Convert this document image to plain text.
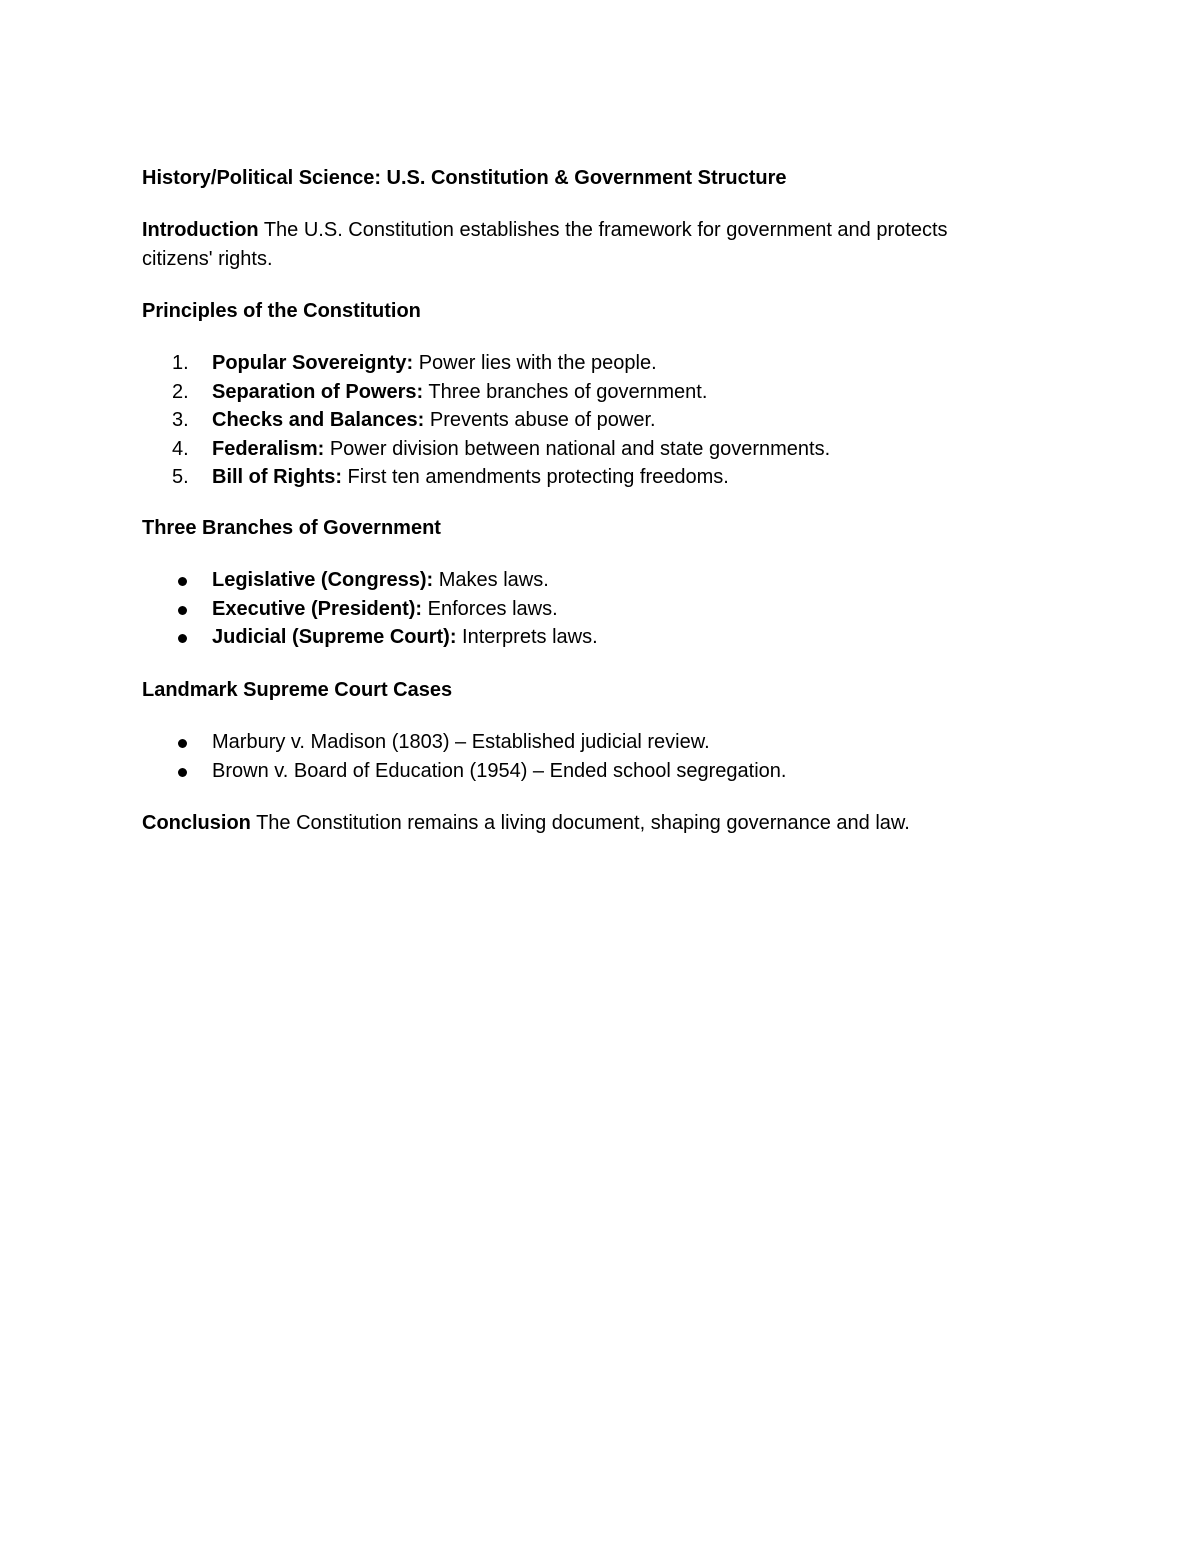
History/Political Science: U.S. Constitution & Government Structure
Introduction The U.S. Constitution establishes the framework for government and protects citizens' rights.
Principles of the Constitution
1. Popular Sovereignty: Power lies with the people.
2. Separation of Powers: Three branches of government.
3. Checks and Balances: Prevents abuse of power.
4. Federalism: Power division between national and state governments.
5. Bill of Rights: First ten amendments protecting freedoms.
Three Branches of Government
Legislative (Congress): Makes laws.
Executive (President): Enforces laws.
Judicial (Supreme Court): Interprets laws.
Landmark Supreme Court Cases
Marbury v. Madison (1803) – Established judicial review.
Brown v. Board of Education (1954) – Ended school segregation.
Conclusion The Constitution remains a living document, shaping governance and law.
